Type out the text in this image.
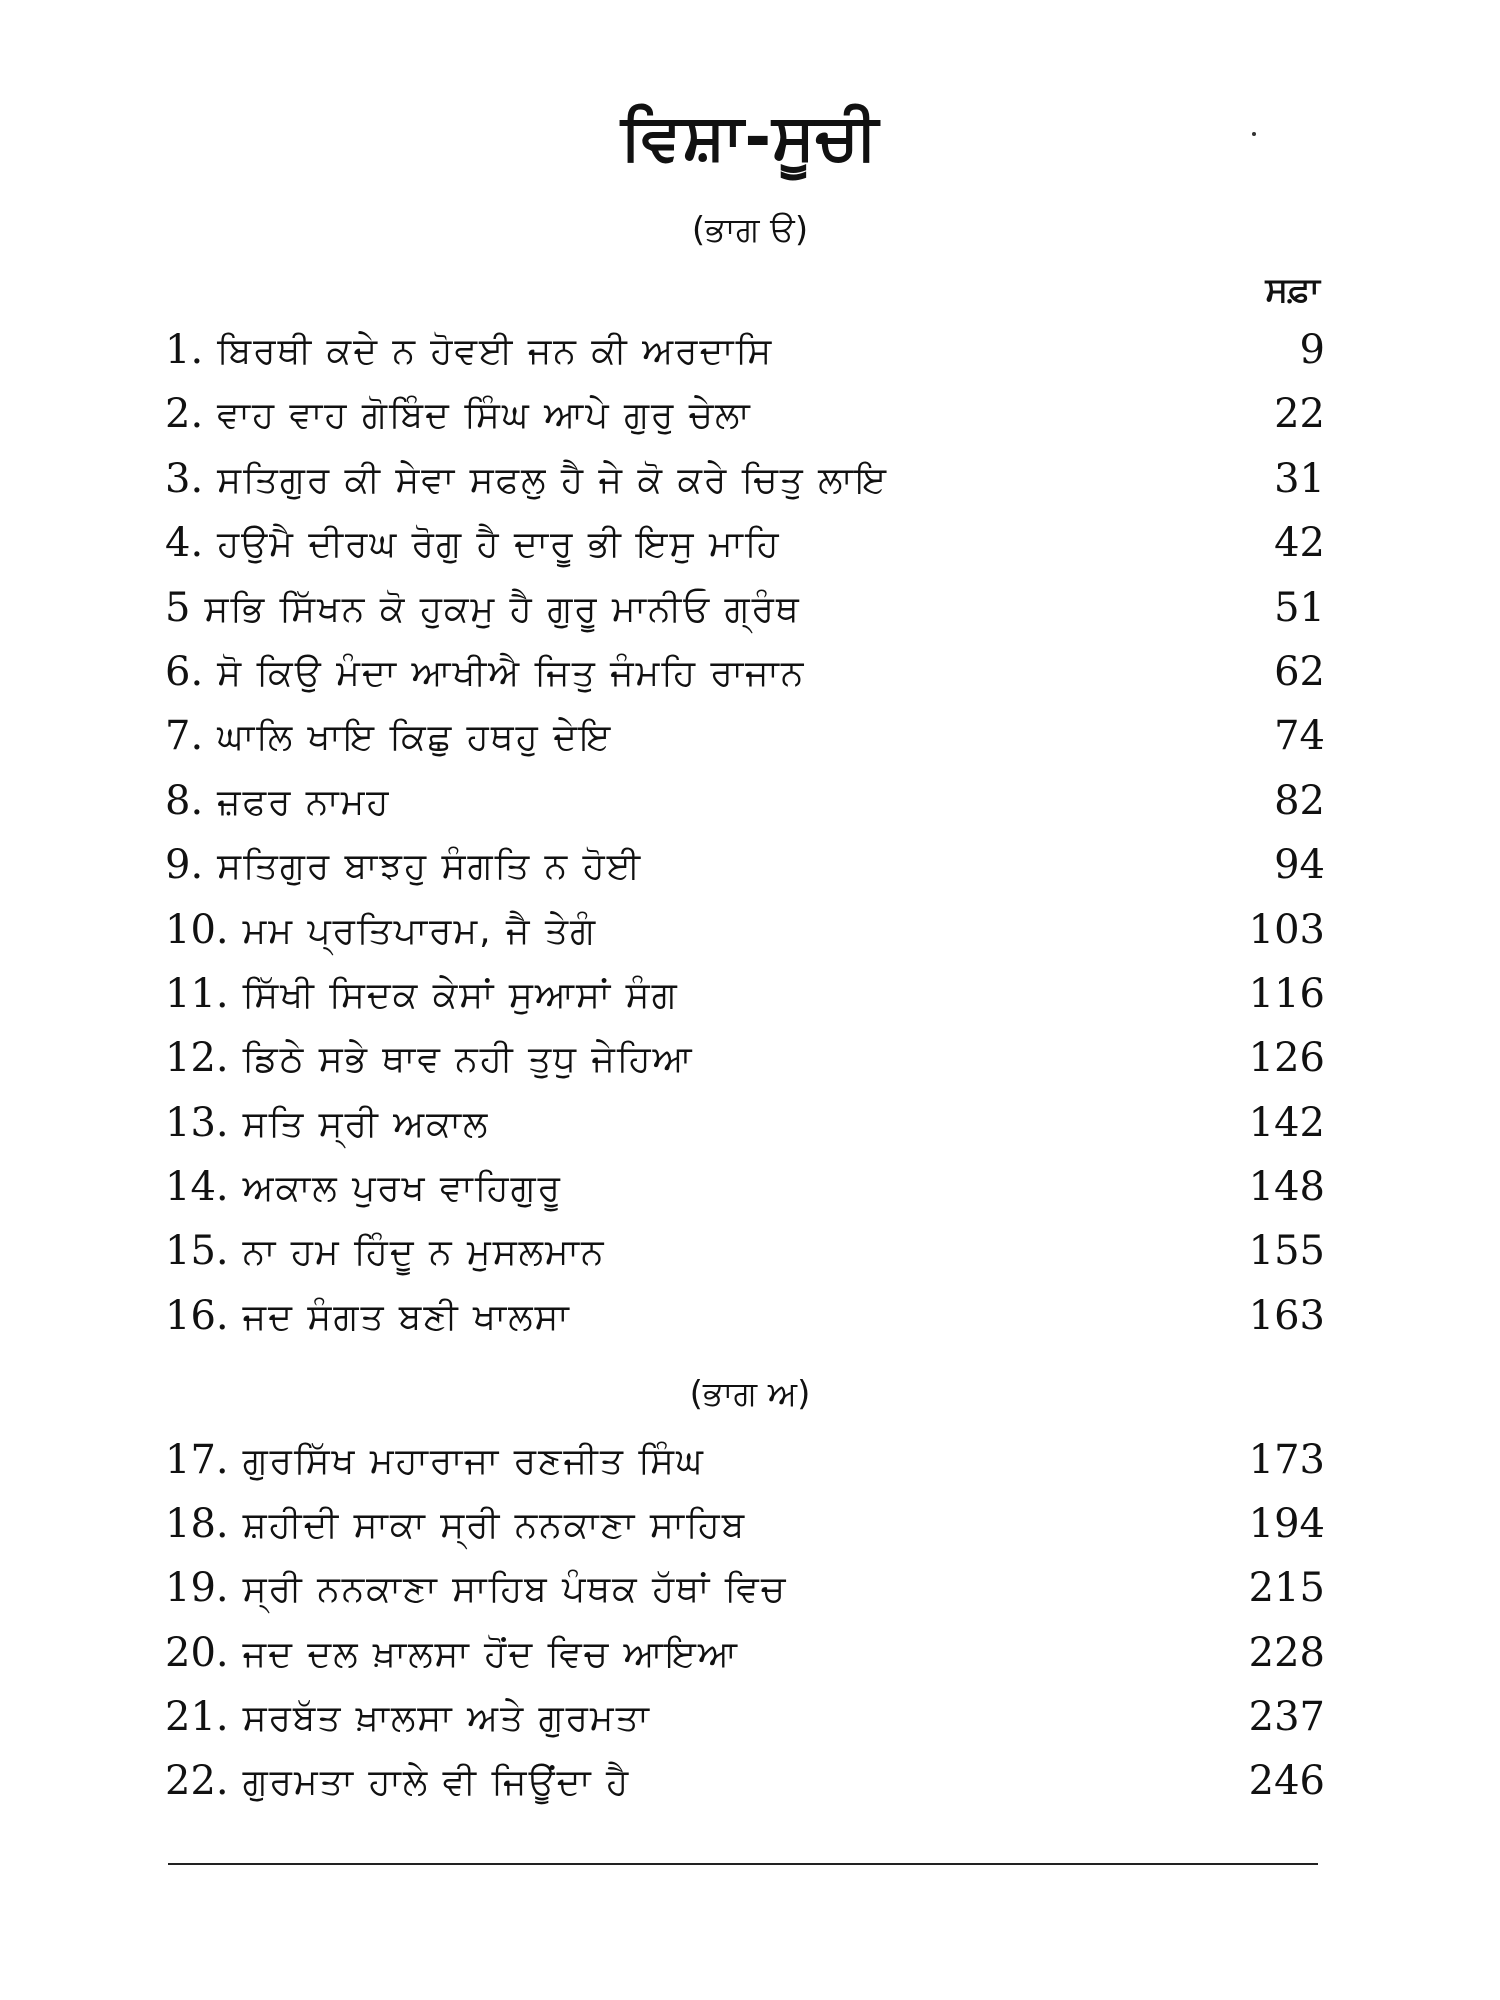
ਵਿਸ਼ਾ-ਸੂਚੀ
(ਭਾਗ ੳ)
ਸਫ਼ਾ
1. ਬਿਰਥੀ ਕਦੇ ਨ ਹੋਵਈ ਜਨ ਕੀ ਅਰਦਾਸਿ	9
2. ਵਾਹ ਵਾਹ ਗੋਬਿੰਦ ਸਿੰਘ ਆਪੇ ਗੁਰੁ ਚੇਲਾ	22
3. ਸਤਿਗੁਰ ਕੀ ਸੇਵਾ ਸਫਲੁ ਹੈ ਜੇ ਕੋ ਕਰੇ ਚਿਤੁ ਲਾਇ	31
4. ਹਉਮੈ ਦੀਰਘ ਰੋਗੁ ਹੈ ਦਾਰੂ ਭੀ ਇਸੁ ਮਾਹਿ	42
5 ਸਭਿ ਸਿੱਖਨ ਕੋ ਹੁਕਮੁ ਹੈ ਗੁਰੂ ਮਾਨੀਓ ਗ੍ਰੰਥ	51
6. ਸੋ ਕਿਉ ਮੰਦਾ ਆਖੀਐ ਜਿਤੁ ਜੰਮਹਿ ਰਾਜਾਨ	62
7. ਘਾਲਿ ਖਾਇ ਕਿਛੁ ਹਥਹੁ ਦੇਇ	74
8. ਜ਼ਫਰ ਨਾਮਹ	82
9. ਸਤਿਗੁਰ ਬਾਝਹੁ ਸੰਗਤਿ ਨ ਹੋਈ	94
10. ਮਮ ਪ੍ਰਤਿਪਾਰਮ, ਜੈ ਤੇਗੰ	103
11. ਸਿੱਖੀ ਸਿਦਕ ਕੇਸਾਂ ਸੁਆਸਾਂ ਸੰਗ	116
12. ਡਿਠੇ ਸਭੇ ਥਾਵ ਨਹੀ ਤੁਧੁ ਜੇਹਿਆ	126
13. ਸਤਿ ਸ੍ਰੀ ਅਕਾਲ	142
14. ਅਕਾਲ ਪੁਰਖ ਵਾਹਿਗੁਰੂ	148
15. ਨਾ ਹਮ ਹਿੰਦੂ ਨ ਮੁਸਲਮਾਨ	155
16. ਜਦ ਸੰਗਤ ਬਣੀ ਖਾਲਸਾ	163
(ਭਾਗ ਅ)
17. ਗੁਰਸਿੱਖ ਮਹਾਰਾਜਾ ਰਣਜੀਤ ਸਿੰਘ	173
18. ਸ਼ਹੀਦੀ ਸਾਕਾ ਸ੍ਰੀ ਨਨਕਾਣਾ ਸਾਹਿਬ	194
19. ਸ੍ਰੀ ਨਨਕਾਣਾ ਸਾਹਿਬ ਪੰਥਕ ਹੱਥਾਂ ਵਿਚ	215
20. ਜਦ ਦਲ ਖ਼ਾਲਸਾ ਹੋਂਦ ਵਿਚ ਆਇਆ	228
21. ਸਰਬੱਤ ਖ਼ਾਲਸਾ ਅਤੇ ਗੁਰਮਤਾ	237
22. ਗੁਰਮਤਾ ਹਾਲੇ ਵੀ ਜਿਊਂਦਾ ਹੈ	246
